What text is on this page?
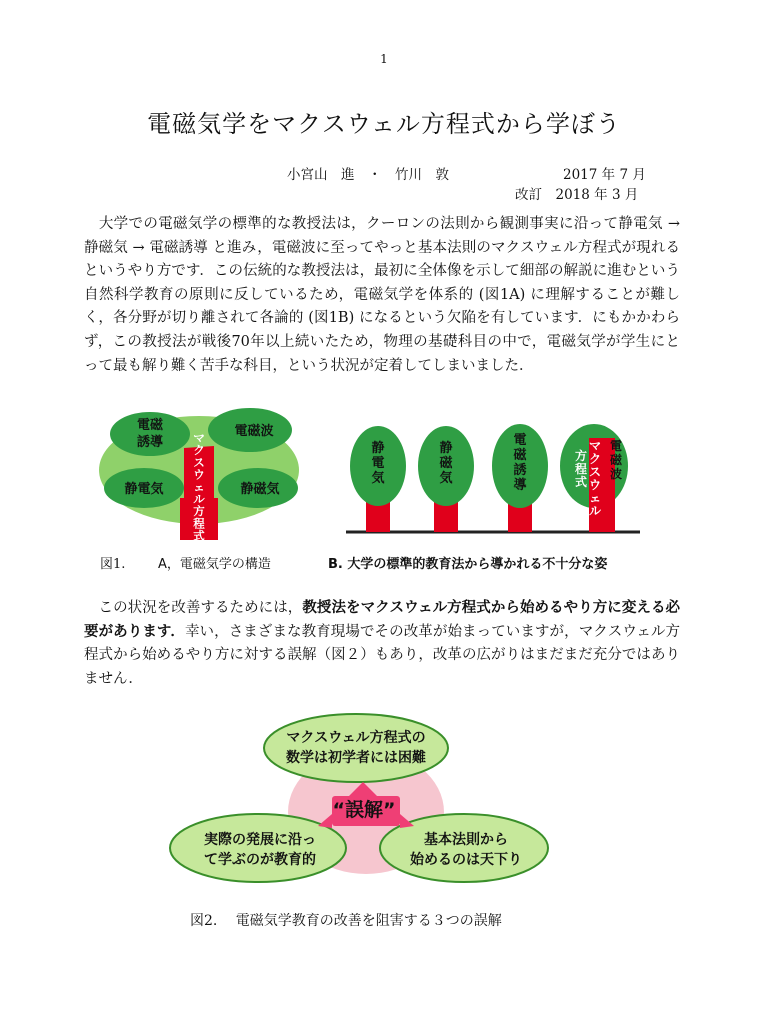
1
電磁気学をマクスウェル方程式から学ぼう
小宮山　進　・　竹川　敦	2017 年 7 月
改訂　2018 年 3 月
　大学での電磁気学の標準的な教授法は，クーロンの法則から観測事実に沿って静電気 → 静磁気 → 電磁誘導 と進み，電磁波に至ってやっと基本法則のマクスウェル方程式が現れるというやり方です．この伝統的な教授法は，最初に全体像を示して細部の解説に進むという自然科学教育の原則に反しているため，電磁気学を体系的 (図1A) に理解することが難しく，各分野が切り離されて各論的 (図1B) になるという欠陥を有しています．にもかかわらず，この教授法が戦後70年以上続いたため，物理の基礎科目の中で，電磁気学が学生にとって最も解り難く苦手な科目，という状況が定着してしまいました．
電磁
誘導
電磁波
静電気	静磁気
マ
ク
ス
ウ
ェ
ル
方
程
式
静
電
気
静
磁
気
電
磁
誘
導
マ
ク
ス
ウ
ェ
ル
方
程
式
電
磁
波
図1.	A，電磁気学の構造	B. 大学の標準的教育法から導かれる不十分な姿
　この状況を改善するためには，教授法をマクスウェル方程式から始めるやり方に変える必要があります．幸い，さまざまな教育現場でその改革が始まっていますが，マクスウェル方程式から始めるやり方に対する誤解（図２）もあり，改革の広がりはまだまだ充分ではありません．
“誤解”
マクスウェル方程式の
数学は初学者には困難
実際の発展に沿っ
て学ぶのが教育的
基本法則から
始めるのは天下り
図2.　 電磁気学教育の改善を阻害する３つの誤解
